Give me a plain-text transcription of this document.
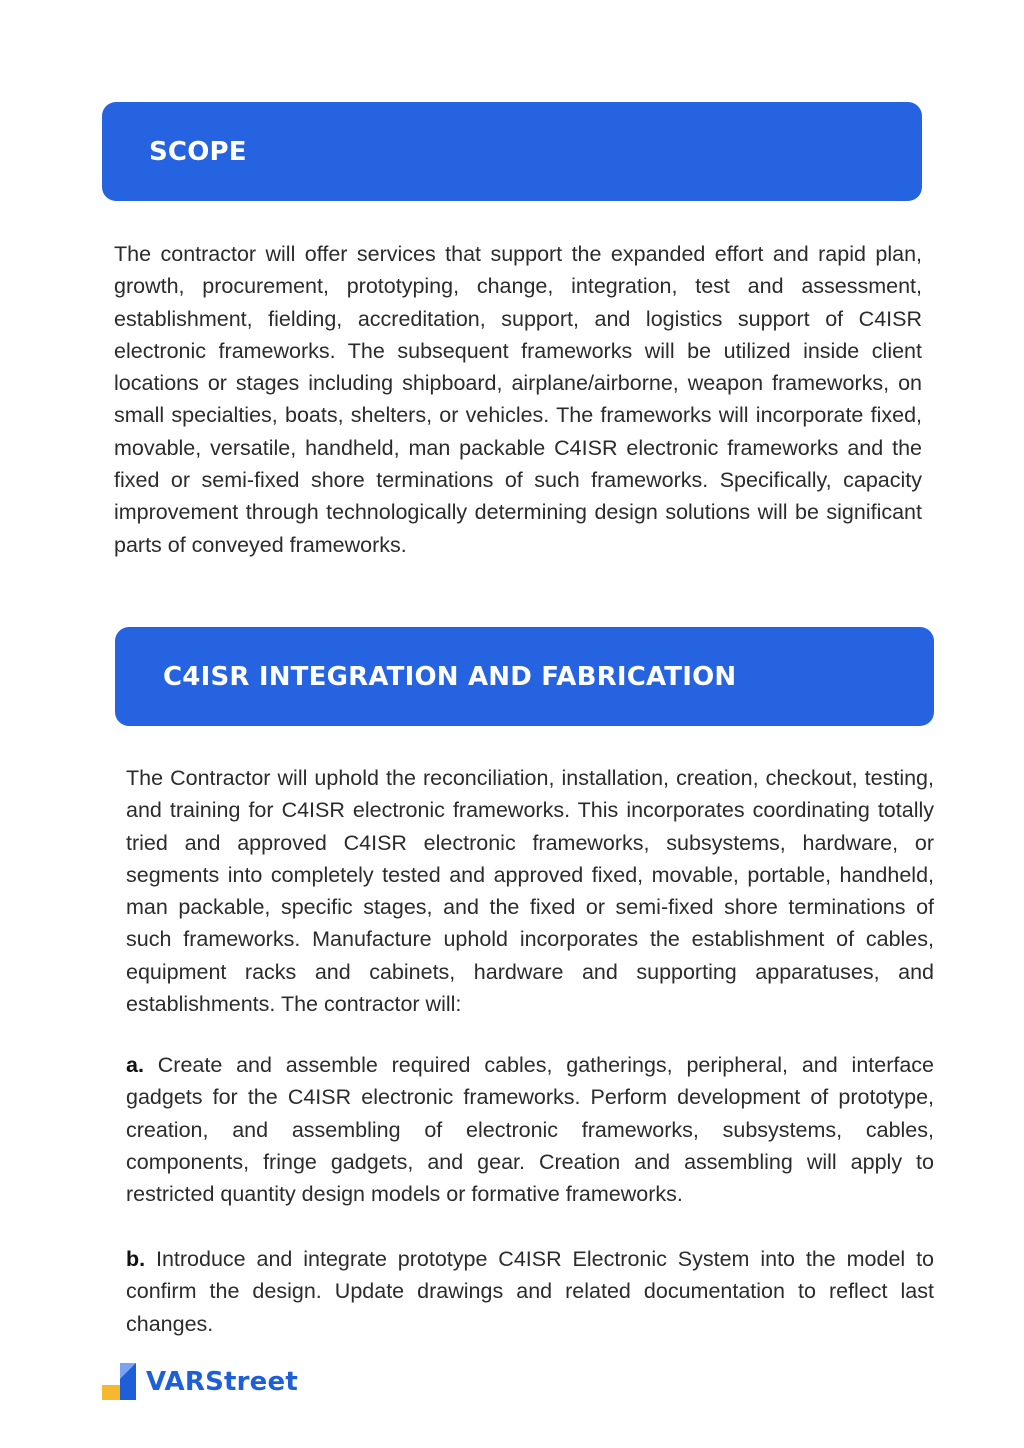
SCOPE

The contractor will offer services that support the expanded effort and rapid plan, growth, procurement, prototyping, change, integration, test and assessment, establishment, fielding, accreditation, support, and logistics support of C4ISR electronic frameworks. The subsequent frameworks will be utilized inside client locations or stages including shipboard, airplane/airborne, weapon frameworks, on small specialties, boats, shelters, or vehicles. The frameworks will incorporate fixed, movable, versatile, handheld, man packable C4ISR electronic frameworks and the fixed or semi-fixed shore terminations of such frameworks. Specifically, capacity improvement through technologically determining design solutions will be significant parts of conveyed frameworks.

C4ISR INTEGRATION AND FABRICATION

The Contractor will uphold the reconciliation, installation, creation, checkout, testing, and training for C4ISR electronic frameworks. This incorporates coordinating totally tried and approved C4ISR electronic frameworks, subsystems, hardware, or segments into completely tested and approved fixed, movable, portable, handheld, man packable, specific stages, and the fixed or semi-fixed shore terminations of such frameworks. Manufacture uphold incorporates the establishment of cables, equipment racks and cabinets, hardware and supporting apparatuses, and establishments. The contractor will:

a. Create and assemble required cables, gatherings, peripheral, and interface gadgets for the C4ISR electronic frameworks. Perform development of prototype, creation, and assembling of electronic frameworks, subsystems, cables, components, fringe gadgets, and gear. Creation and assembling will apply to restricted quantity design models or formative frameworks.

b. Introduce and integrate prototype C4ISR Electronic System into the model to confirm the design. Update drawings and related documentation to reflect last changes.

VARStreet
